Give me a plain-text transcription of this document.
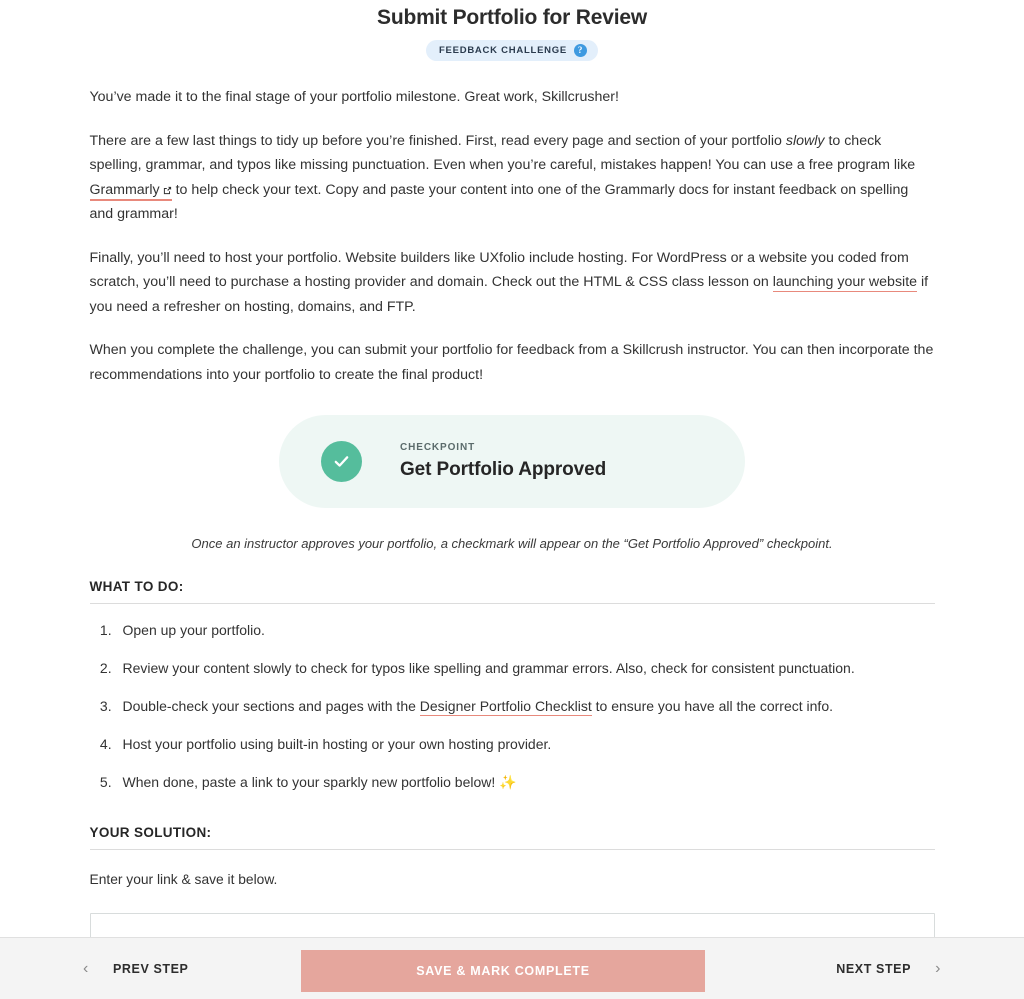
Submit Portfolio for Review
FEEDBACK CHALLENGE	?

You’ve made it to the final stage of your portfolio milestone. Great work, Skillcrusher!

There are a few last things to tidy up before you’re finished. First, read every page and section of your portfolio slowly to check spelling, grammar, and typos like missing punctuation. Even when you’re careful, mistakes happen! You can use a free program like Grammarly
to help check your text. Copy and paste your content into one of the Grammarly docs for instant feedback on spelling and grammar!

Finally, you’ll need to host your portfolio. Website builders like UXfolio include hosting. For WordPress or a website you coded from scratch, you’ll need to purchase a hosting provider and domain. Check out the HTML & CSS class lesson on launching your website if you need a refresher on hosting, domains, and FTP.

When you complete the challenge, you can submit your portfolio for feedback from a Skillcrush instructor. You can then incorporate the recommendations into your portfolio to create the final product!

CHECKPOINT
Get Portfolio Approved
Once an instructor approves your portfolio, a checkmark will appear on the “Get Portfolio Approved” checkpoint.
WHAT TO DO:
1. Open up your portfolio.
2. Review your content slowly to check for typos like spelling and grammar errors. Also, check for consistent punctuation.
3. Double-check your sections and pages with the Designer Portfolio Checklist to ensure you have all the correct info.
4. Host your portfolio using built-in hosting or your own hosting provider.
5. When done, paste a link to your sparkly new portfolio below! ✨
YOUR SOLUTION:
Enter your link & save it below.
‹ PREV STEP	SAVE & MARK COMPLETE	NEXT STEP ›
